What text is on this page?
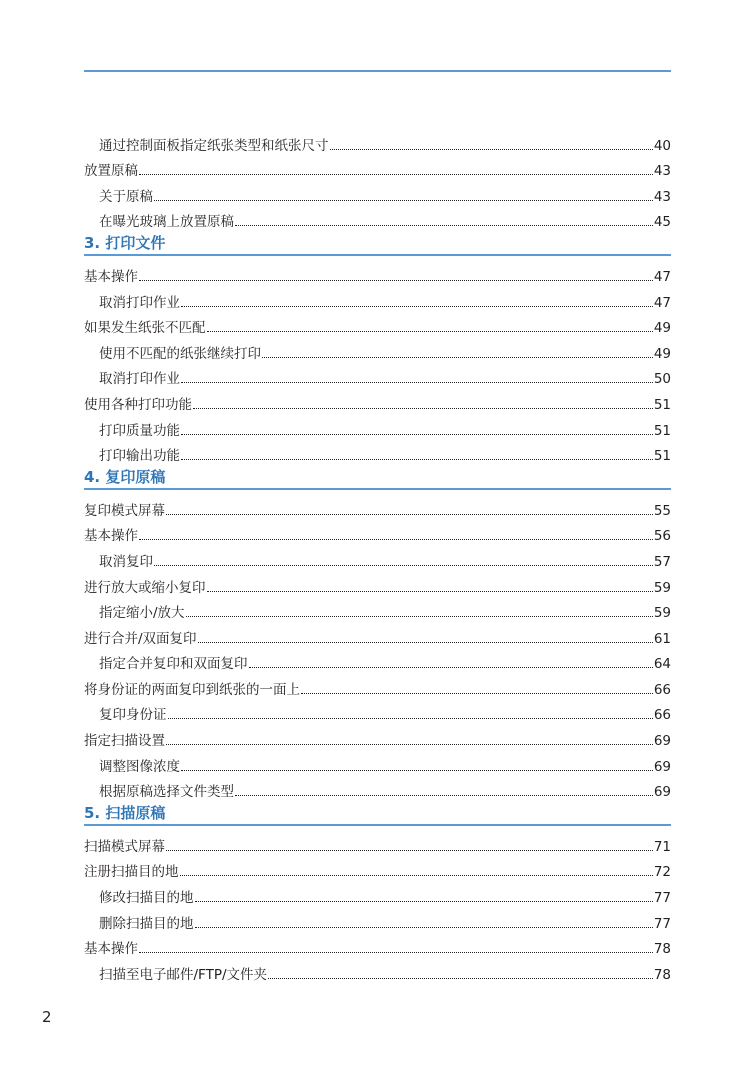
通过控制面板指定纸张类型和纸张尺寸	40
放置原稿	43
关于原稿	43
在曝光玻璃上放置原稿	45
3. 打印文件
基本操作	47
取消打印作业	47
如果发生纸张不匹配	49
使用不匹配的纸张继续打印	49
取消打印作业	50
使用各种打印功能	51
打印质量功能	51
打印输出功能	51
4. 复印原稿
复印模式屏幕	55
基本操作	56
取消复印	57
进行放大或缩小复印	59
指定缩小/放大	59
进行合并/双面复印	61
指定合并复印和双面复印	64
将身份证的两面复印到纸张的一面上	66
复印身份证	66
指定扫描设置	69
调整图像浓度	69
根据原稿选择文件类型	69
5. 扫描原稿
扫描模式屏幕	71
注册扫描目的地	72
修改扫描目的地	77
删除扫描目的地	77
基本操作	78
扫描至电子邮件/FTP/文件夹	78
2
